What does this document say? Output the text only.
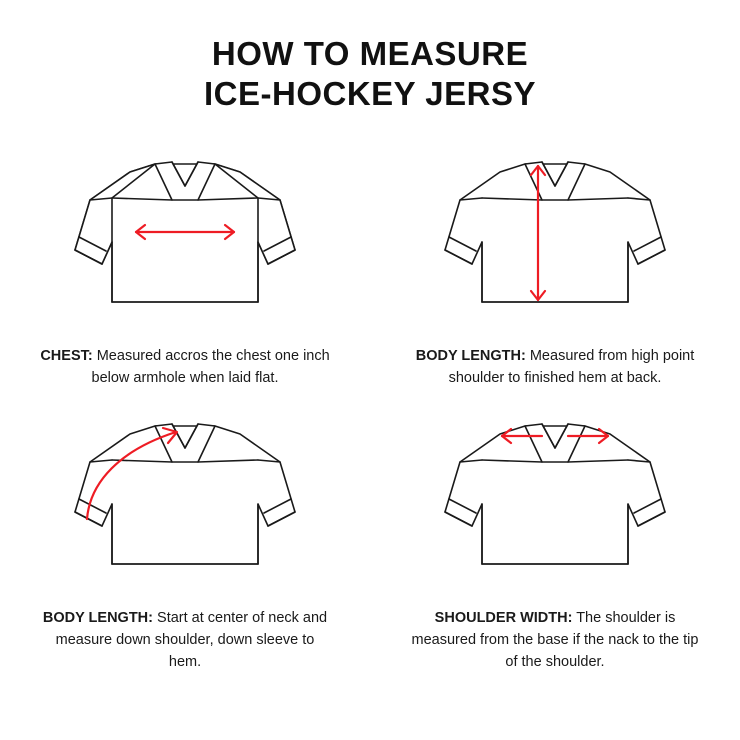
HOW TO MEASURE
ICE-HOCKEY JERSY
CHEST: Measured accros the chest one inch below armhole when laid flat.
BODY LENGTH: Measured from high point shoulder to finished hem at back.
BODY LENGTH: Start at center of neck and measure down shoulder, down sleeve to hem.
SHOULDER WIDTH: The shoulder is measured from the base if the nack to the tip of the shoulder.
